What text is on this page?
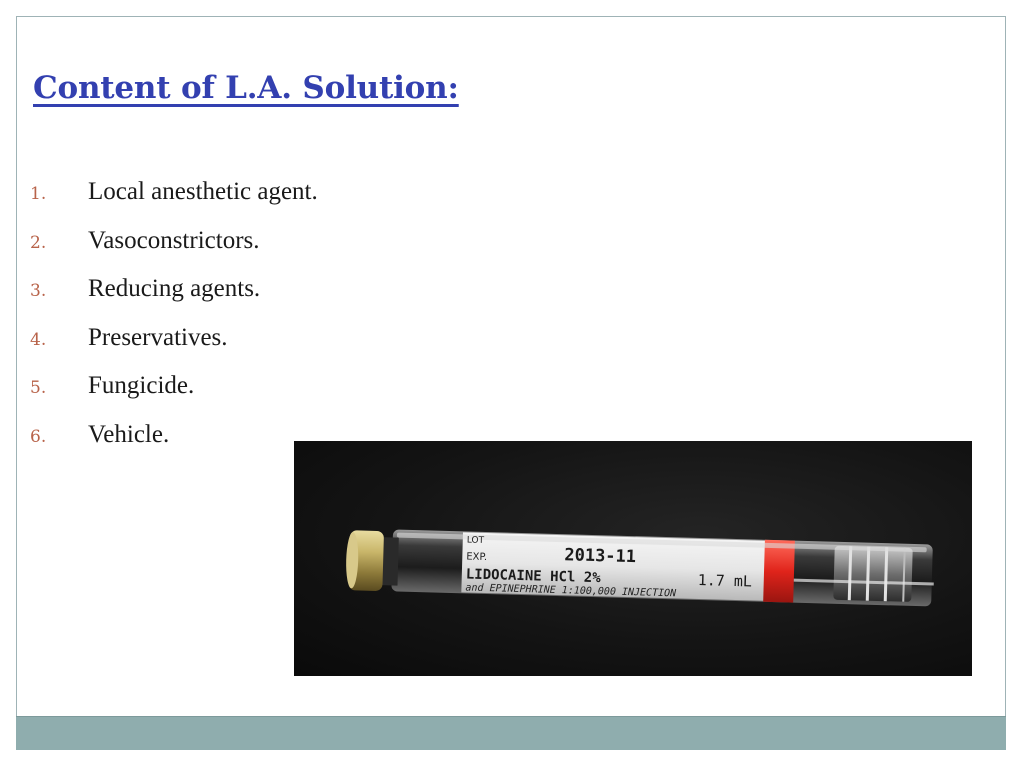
Content of L.A. Solution:
1.	Local anesthetic agent.
2.	Vasoconstrictors.
3.	Reducing agents.
4.	Preservatives.
5.	Fungicide.
6.	Vehicle.
LOT
EXP.	2013-11
LIDOCAINE HCl 2%	1.7 mL
and EPINEPHRINE 1:100,000 INJECTION
